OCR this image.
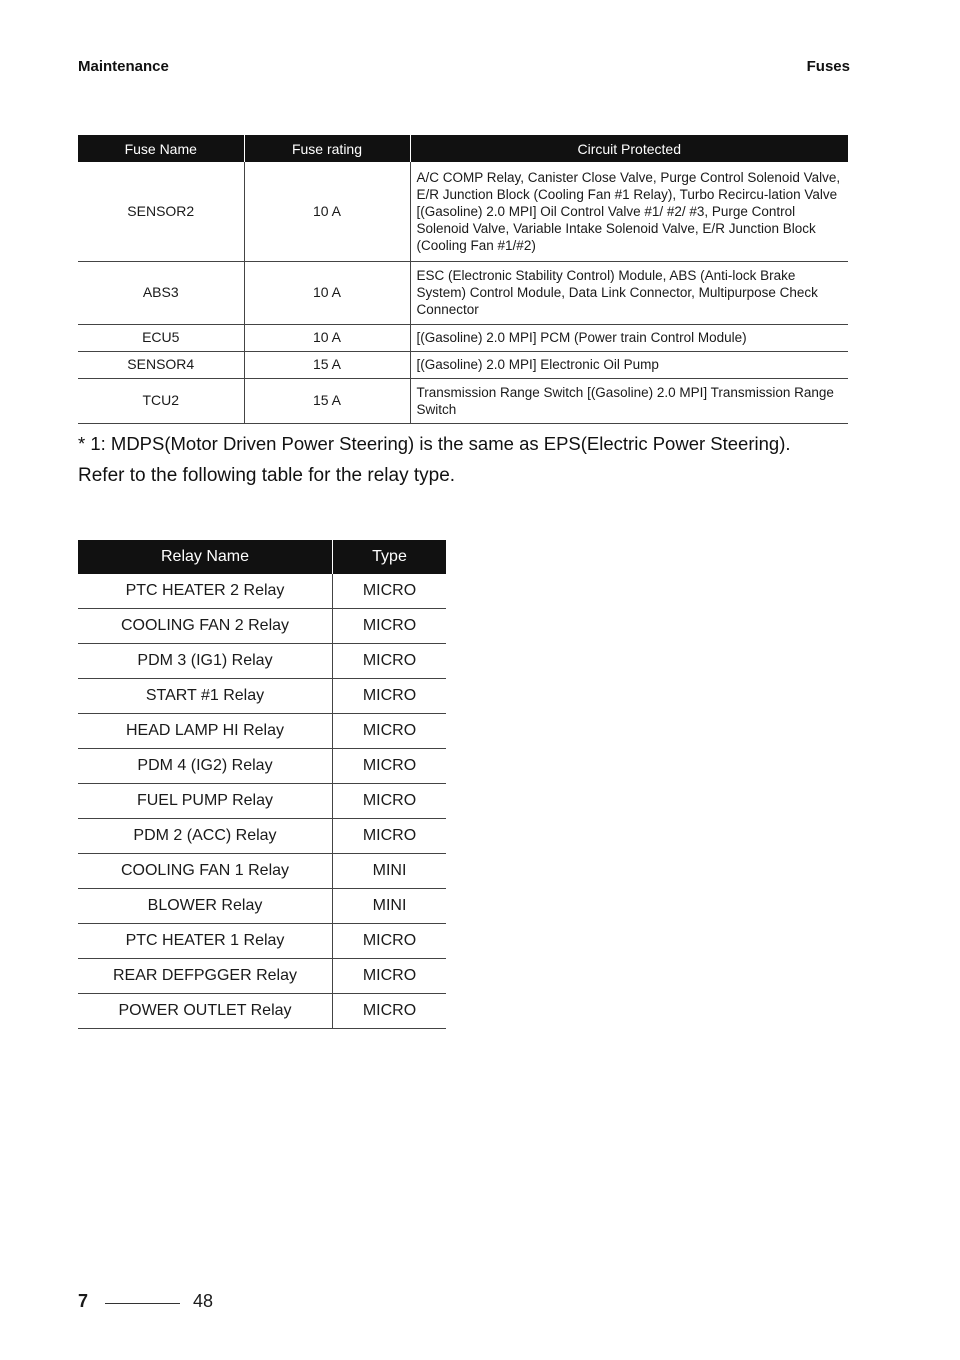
Maintenance	Fuses
Fuse Name	Fuse rating	Circuit Protected
SENSOR2	10 A	A/C COMP Relay, Canister Close Valve, Purge Control Solenoid Valve, E/R Junction Block (Cooling Fan #1 Relay), Turbo Recircu-lation Valve [(Gasoline) 2.0 MPI] Oil Control Valve #1/ #2/ #3, Purge Control Solenoid Valve, Variable Intake Solenoid Valve, E/R Junction Block (Cooling Fan #1/#2)
ABS3	10 A	ESC (Electronic Stability Control) Module, ABS (Anti-lock Brake System) Control Module, Data Link Connector, Multipurpose Check Connector
ECU5	10 A	[(Gasoline) 2.0 MPI] PCM (Power train Control Module)
SENSOR4	15 A	[(Gasoline) 2.0 MPI] Electronic Oil Pump
TCU2	15 A	Transmission Range Switch [(Gasoline) 2.0 MPI] Transmission Range Switch
* 1: MDPS(Motor Driven Power Steering) is the same as EPS(Electric Power Steering).
Refer to the following table for the relay type.
Relay Name	Type
PTC HEATER 2 Relay	MICRO
COOLING FAN 2 Relay	MICRO
PDM 3 (IG1) Relay	MICRO
START #1 Relay	MICRO
HEAD LAMP HI Relay	MICRO
PDM 4 (IG2) Relay	MICRO
FUEL PUMP Relay	MICRO
PDM 2 (ACC) Relay	MICRO
COOLING FAN 1 Relay	MINI
BLOWER Relay	MINI
PTC HEATER 1 Relay	MICRO
REAR DEFPGGER Relay	MICRO
POWER OUTLET Relay	MICRO
7	48
